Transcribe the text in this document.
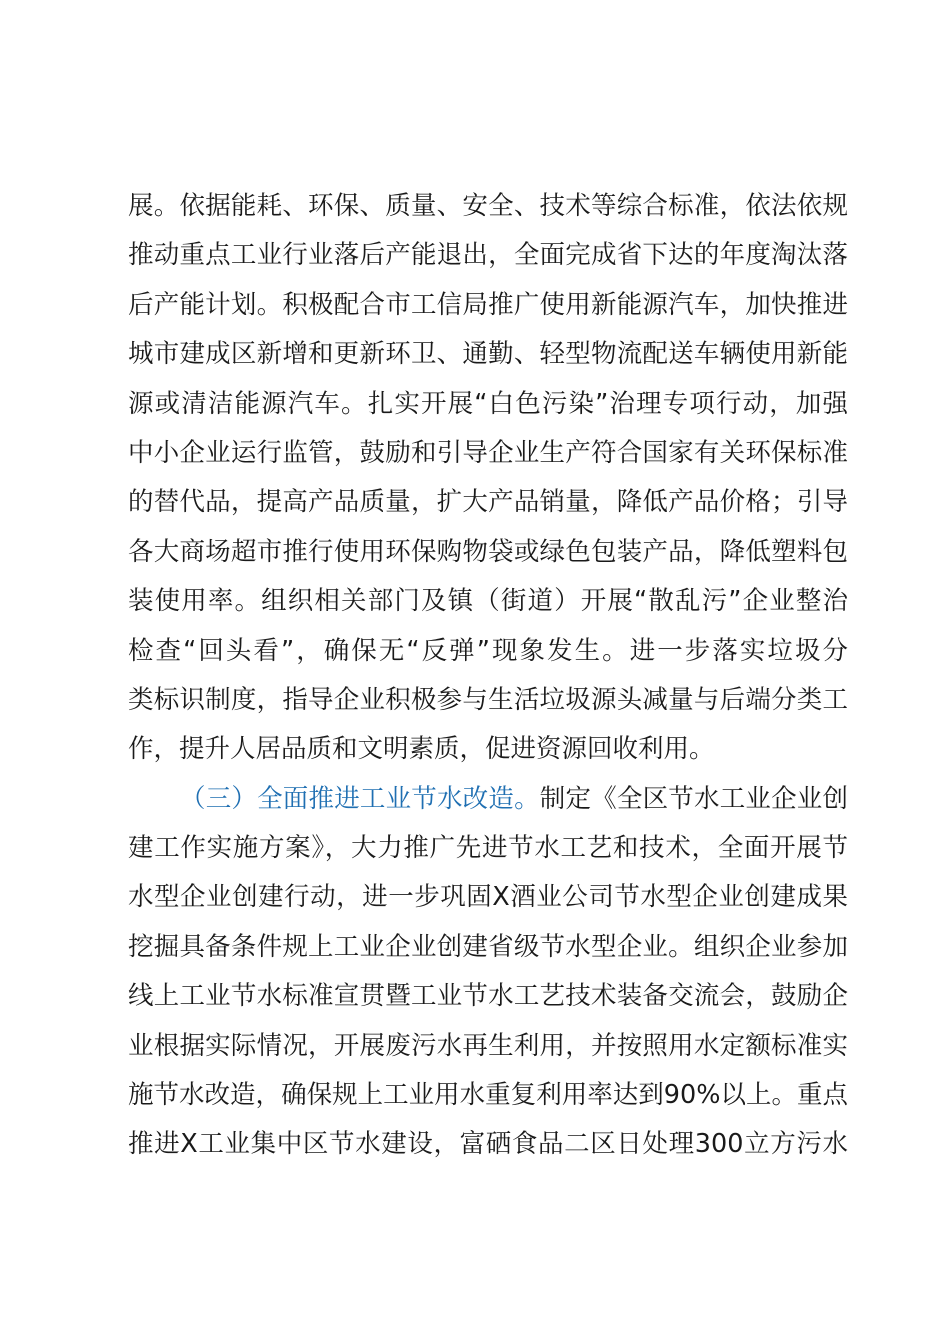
展。依据能耗、环保、质量、安全、技术等综合标准，依法依规
推动重点工业行业落后产能退出，全面完成省下达的年度淘汰落
后产能计划。积极配合市工信局推广使用新能源汽车，加快推进
城市建成区新增和更新环卫、通勤、轻型物流配送车辆使用新能
源或清洁能源汽车。扎实开展“白色污染”治理专项行动，加强
中小企业运行监管，鼓励和引导企业生产符合国家有关环保标准
的替代品，提高产品质量，扩大产品销量，降低产品价格；引导
各大商场超市推行使用环保购物袋或绿色包装产品，降低塑料包
装使用率。组织相关部门及镇（街道）开展“散乱污”企业整治
检查“回头看”，确保无“反弹”现象发生。进一步落实垃圾分
类标识制度，指导企业积极参与生活垃圾源头减量与后端分类工
作，提升人居品质和文明素质，促进资源回收利用。
（三）全面推进工业节水改造。制定《全区节水工业企业创
建工作实施方案》，大力推广先进节水工艺和技术，全面开展节
水型企业创建行动，进一步巩固X酒业公司节水型企业创建成果
挖掘具备条件规上工业企业创建省级节水型企业。组织企业参加
线上工业节水标准宣贯暨工业节水工艺技术装备交流会，鼓励企
业根据实际情况，开展废污水再生利用，并按照用水定额标准实
施节水改造，确保规上工业用水重复利用率达到90%以上。重点
推进X工业集中区节水建设，富硒食品二区日处理300立方污水
